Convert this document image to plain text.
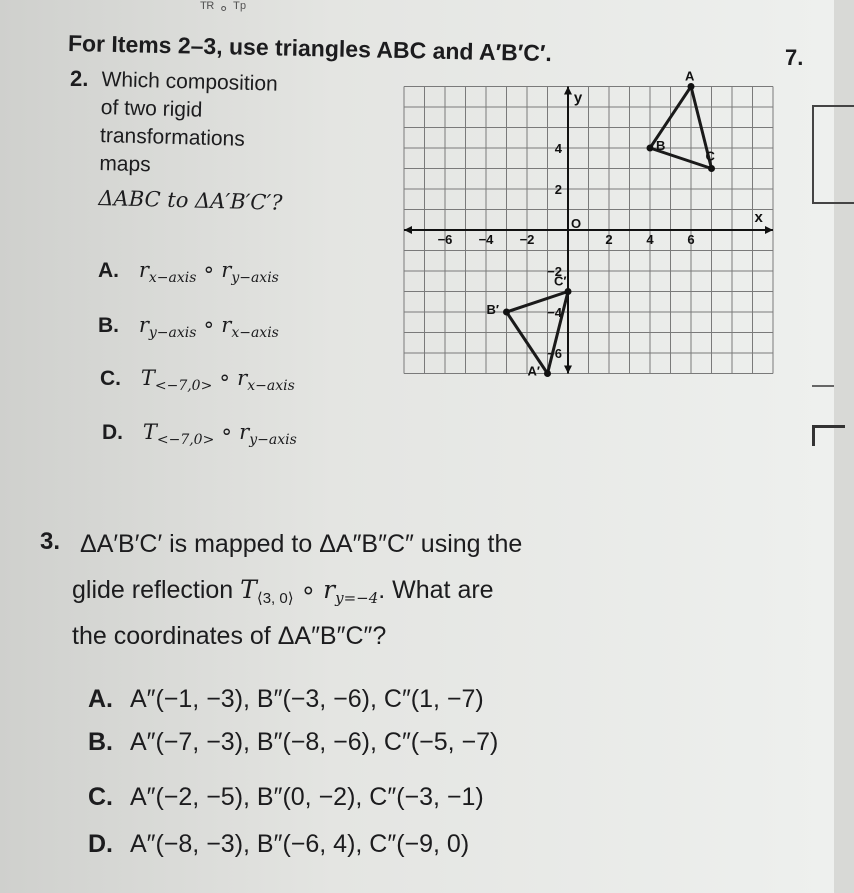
ᵀᴿ ∘ ᵀᵖ
For Items 2–3, use triangles ABC and A′B′C′.	7.
2. Which composition
of two rigid
transformations
maps
ΔABC to ΔA′B′C′?
A. $r_{x-axis}$ ∘ $r_{y-axis}$
B. $r_{y-axis}$ ∘ $r_{x-axis}$
C. $T_{<-7,0>}$ ∘ $r_{x-axis}$
D. $T_{<-7,0>}$ ∘ $r_{y-axis}$
−6 −4 −2
O
2	4	6
4
2
−2
−4
−6
x
y
A
B
C
A′
B′
C′
3. ΔA′B′C′ is mapped to ΔA″B″C″ using the
glide reflection $T_{⟨3, 0⟩}$ ∘ $r_{y=-4}$. What are
the coordinates of ΔA″B″C″?
A. A″(−1, −3), B″(−3, −6), C″(1, −7)
B. A″(−7, −3), B″(−8, −6), C″(−5, −7)
C. A″(−2, −5), B″(0, −2), C″(−3, −1)
D. A″(−8, −3), B″(−6, 4), C″(−9, 0)
